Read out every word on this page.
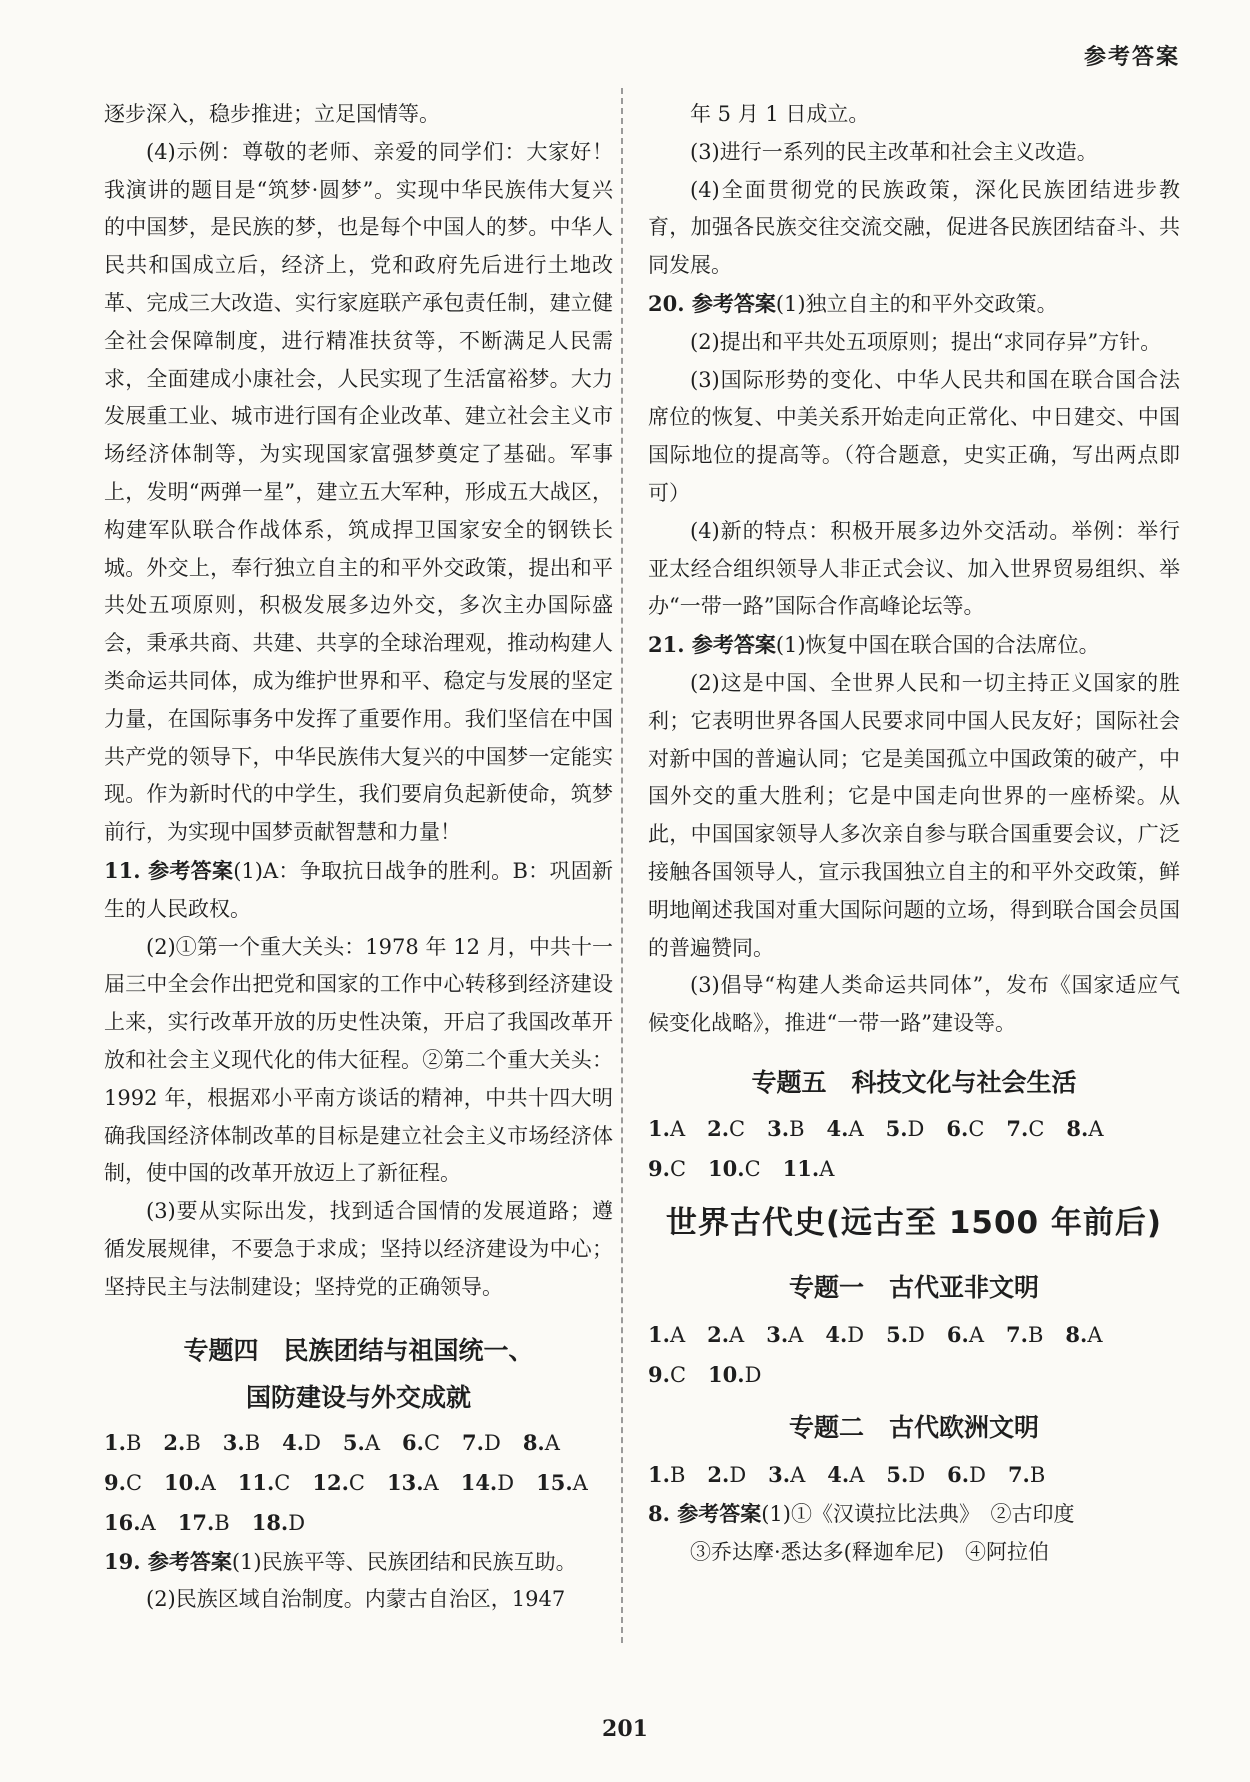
参考答案

逐步深入，稳步推进；立足国情等。

(4)示例：尊敬的老师、亲爱的同学们：大家好！我演讲的题目是“筑梦·圆梦”。实现中华民族伟大复兴的中国梦，是民族的梦，也是每个中国人的梦。中华人民共和国成立后，经济上，党和政府先后进行土地改革、完成三大改造、实行家庭联产承包责任制，建立健全社会保障制度，进行精准扶贫等，不断满足人民需求，全面建成小康社会，人民实现了生活富裕梦。大力发展重工业、城市进行国有企业改革、建立社会主义市场经济体制等，为实现国家富强梦奠定了基础。军事上，发明“两弹一星”，建立五大军种，形成五大战区，构建军队联合作战体系，筑成捍卫国家安全的钢铁长城。外交上，奉行独立自主的和平外交政策，提出和平共处五项原则，积极发展多边外交，多次主办国际盛会，秉承共商、共建、共享的全球治理观，推动构建人类命运共同体，成为维护世界和平、稳定与发展的坚定力量，在国际事务中发挥了重要作用。我们坚信在中国共产党的领导下，中华民族伟大复兴的中国梦一定能实现。作为新时代的中学生，我们要肩负起新使命，筑梦前行，为实现中国梦贡献智慧和力量！

11. 参考答案(1)A：争取抗日战争的胜利。B：巩固新生的人民政权。

(2)①第一个重大关头：1978 年 12 月，中共十一届三中全会作出把党和国家的工作中心转移到经济建设上来，实行改革开放的历史性决策，开启了我国改革开放和社会主义现代化的伟大征程。②第二个重大关头：1992 年，根据邓小平南方谈话的精神，中共十四大明确我国经济体制改革的目标是建立社会主义市场经济体制，使中国的改革开放迈上了新征程。

(3)要从实际出发，找到适合国情的发展道路；遵循发展规律，不要急于求成；坚持以经济建设为中心；坚持民主与法制建设；坚持党的正确领导。

专题四　民族团结与祖国统一、

国防建设与外交成就

1.B 2.B 3.B 4.D 5.A 6.C 7.D 8.A

9.C 10.A 11.C 12.C 13.A 14.D 15.A

16.A 17.B 18.D

19. 参考答案(1)民族平等、民族团结和民族互助。

(2)民族区域自治制度。内蒙古自治区，1947

年 5 月 1 日成立。

(3)进行一系列的民主改革和社会主义改造。

(4)全面贯彻党的民族政策，深化民族团结进步教育，加强各民族交往交流交融，促进各民族团结奋斗、共同发展。

20. 参考答案(1)独立自主的和平外交政策。

(2)提出和平共处五项原则；提出“求同存异”方针。

(3)国际形势的变化、中华人民共和国在联合国合法席位的恢复、中美关系开始走向正常化、中日建交、中国国际地位的提高等。（符合题意，史实正确，写出两点即可）

(4)新的特点：积极开展多边外交活动。举例：举行亚太经合组织领导人非正式会议、加入世界贸易组织、举办“一带一路”国际合作高峰论坛等。

21. 参考答案(1)恢复中国在联合国的合法席位。

(2)这是中国、全世界人民和一切主持正义国家的胜利；它表明世界各国人民要求同中国人民友好；国际社会对新中国的普遍认同；它是美国孤立中国政策的破产，中国外交的重大胜利；它是中国走向世界的一座桥梁。从此，中国国家领导人多次亲自参与联合国重要会议，广泛接触各国领导人，宣示我国独立自主的和平外交政策，鲜明地阐述我国对重大国际问题的立场，得到联合国会员国的普遍赞同。

(3)倡导“构建人类命运共同体”，发布《国家适应气候变化战略》，推进“一带一路”建设等。

专题五　科技文化与社会生活

1.A 2.C 3.B 4.A 5.D 6.C 7.C 8.A

9.C 10.C 11.A

世界古代史(远古至 1500 年前后)

专题一　古代亚非文明

1.A 2.A 3.A 4.D 5.D 6.A 7.B 8.A

9.C 10.D

专题二　古代欧洲文明

1.B 2.D 3.A 4.A 5.D 6.D 7.B

8. 参考答案(1)①《汉谟拉比法典》　②古印度

③乔达摩·悉达多(释迦牟尼)　④阿拉伯

201
